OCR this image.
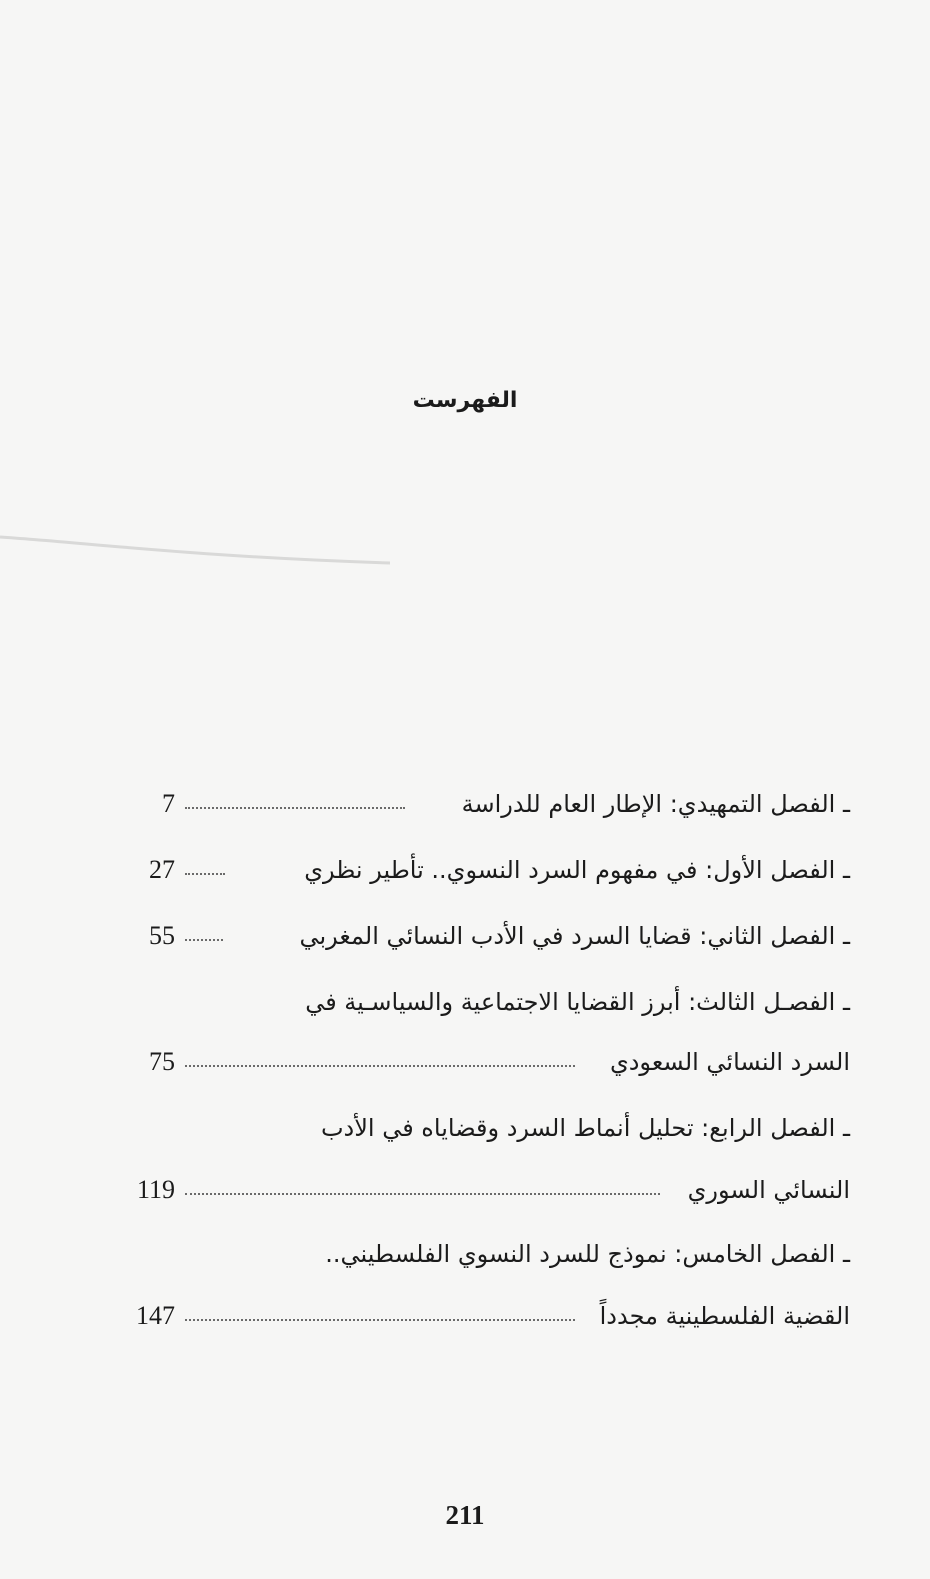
الفهرست
ـ الفصل التمهيدي: الإطار العام للدراسة
7
ـ الفصل الأول: في مفهوم السرد النسوي.. تأطير نظري
27
ـ الفصل الثاني: قضايا السرد في الأدب النسائي المغربي
55
ـ الفصـل الثالث: أبرز القضايا الاجتماعية والسياسـية في
السرد النسائي السعودي
75
ـ الفصل الرابع: تحليل أنماط السرد وقضاياه في الأدب
النسائي السوري
119
ـ الفصل الخامس: نموذج للسرد النسوي الفلسطيني..
القضية الفلسطينية مجدداً
147

211
